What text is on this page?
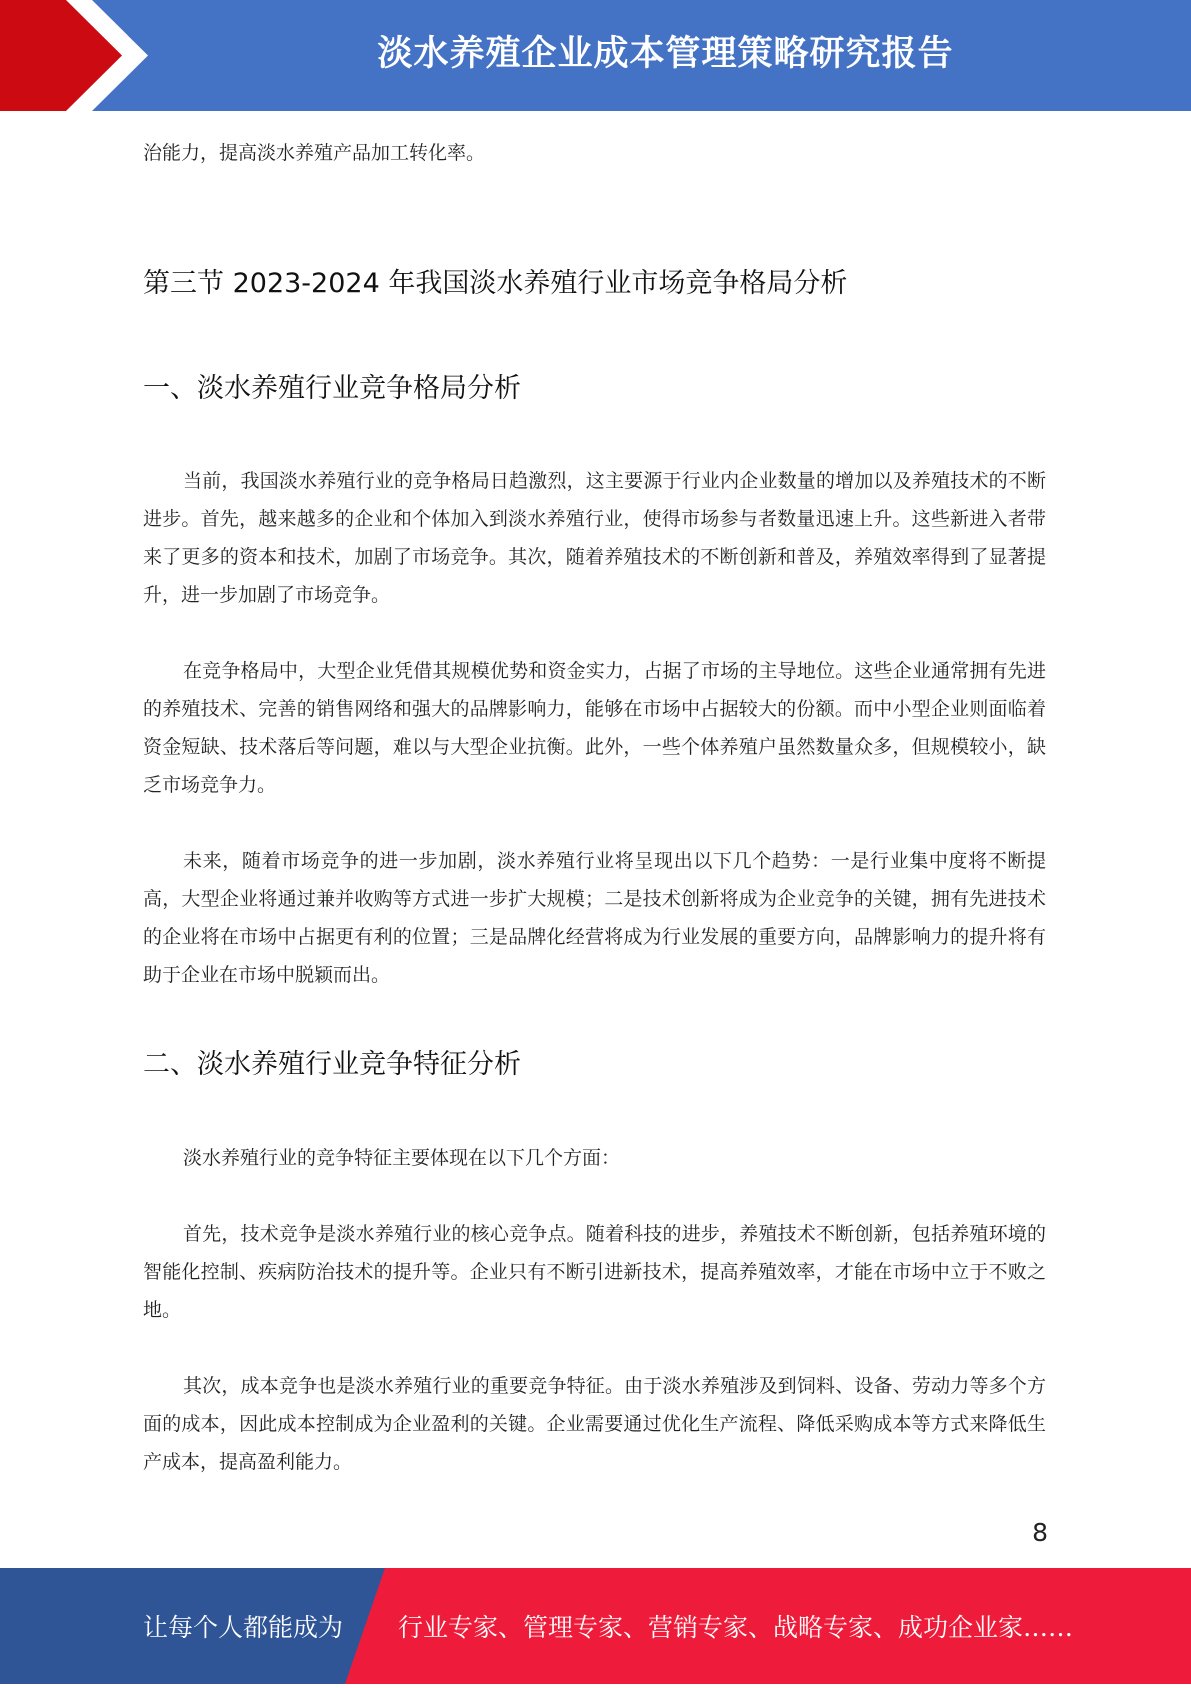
淡水养殖企业成本管理策略研究报告

治能力，提高淡水养殖产品加工转化率。

第三节 2023-2024 年我国淡水养殖行业市场竞争格局分析
一、淡水养殖行业竞争格局分析

当前，我国淡水养殖行业的竞争格局日趋激烈，这主要源于行业内企业数量的增加以及养殖技术的不断进步。首先，越来越多的企业和个体加入到淡水养殖行业，使得市场参与者数量迅速上升。这些新进入者带来了更多的资本和技术，加剧了市场竞争。其次，随着养殖技术的不断创新和普及，养殖效率得到了显著提升，进一步加剧了市场竞争。

在竞争格局中，大型企业凭借其规模优势和资金实力，占据了市场的主导地位。这些企业通常拥有先进的养殖技术、完善的销售网络和强大的品牌影响力，能够在市场中占据较大的份额。而中小型企业则面临着资金短缺、技术落后等问题，难以与大型企业抗衡。此外，一些个体养殖户虽然数量众多，但规模较小，缺乏市场竞争力。

未来，随着市场竞争的进一步加剧，淡水养殖行业将呈现出以下几个趋势：一是行业集中度将不断提高，大型企业将通过兼并收购等方式进一步扩大规模；二是技术创新将成为企业竞争的关键，拥有先进技术的企业将在市场中占据更有利的位置；三是品牌化经营将成为行业发展的重要方向，品牌影响力的提升将有助于企业在市场中脱颖而出。

二、淡水养殖行业竞争特征分析

淡水养殖行业的竞争特征主要体现在以下几个方面：

首先，技术竞争是淡水养殖行业的核心竞争点。随着科技的进步，养殖技术不断创新，包括养殖环境的智能化控制、疾病防治技术的提升等。企业只有不断引进新技术，提高养殖效率，才能在市场中立于不败之地。

其次，成本竞争也是淡水养殖行业的重要竞争特征。由于淡水养殖涉及到饲料、设备、劳动力等多个方面的成本，因此成本控制成为企业盈利的关键。企业需要通过优化生产流程、降低采购成本等方式来降低生产成本，提高盈利能力。

8
让每个人都能成为 行业专家、管理专家、营销专家、战略专家、成功企业家……
